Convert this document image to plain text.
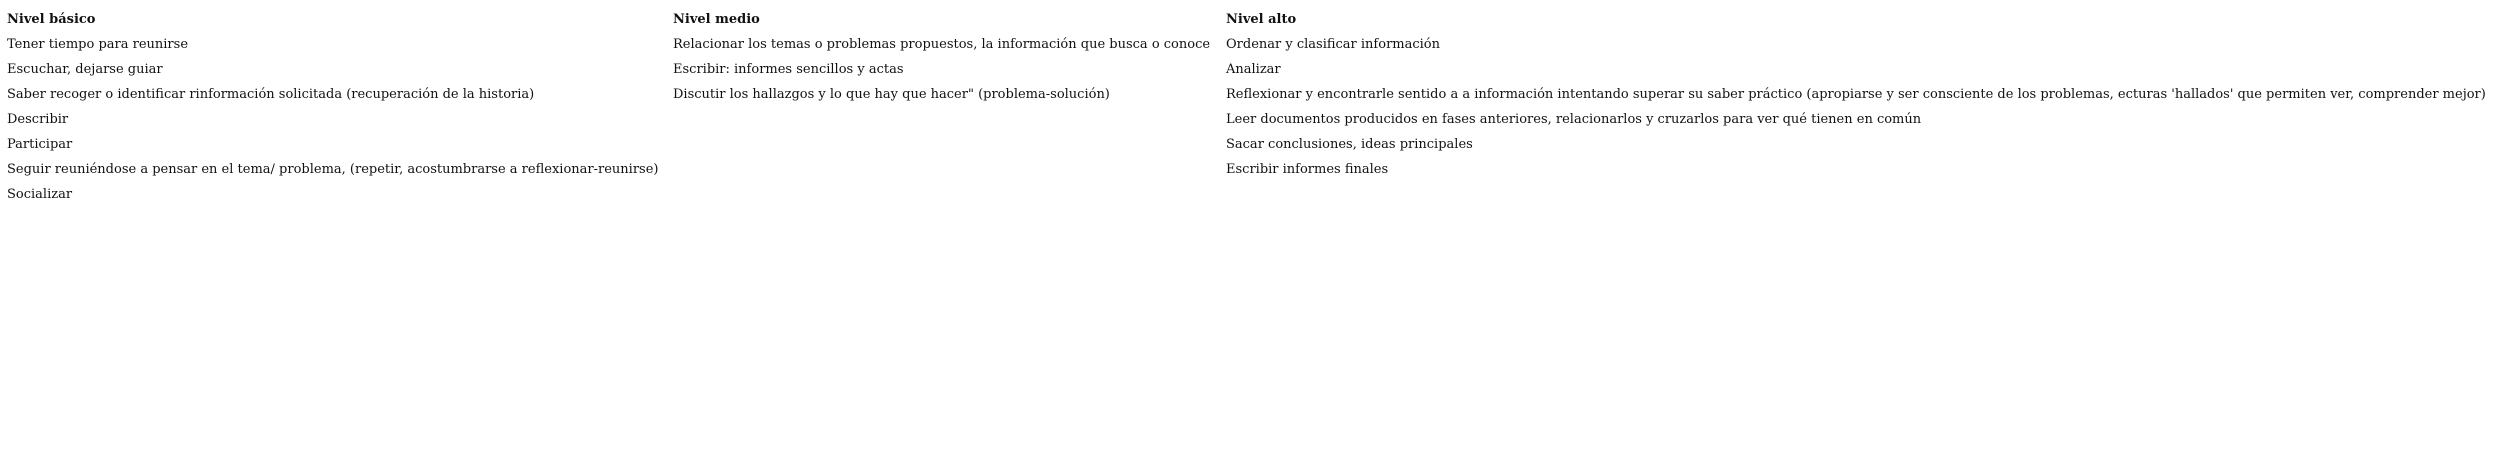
Nivel básico	Nivel medio	Nivel alto
Tener tiempo para reunirse	Relacionar los temas o problemas propuestos, la información que busca o conoce	Ordenar y clasificar información
Escuchar, dejarse guiar	Escribir: informes sencillos y actas	Analizar
Saber recoger o identificar rinformación solicitada (recuperación de la historia)	Discutir los hallazgos y lo que hay que hacer" (problema-solución)	Reflexionar y encontrarle sentido a a información intentando superar su saber práctico (apropiarse y ser consciente de los problemas, ecturas 'hallados' que permiten ver, comprender mejor)
Describir		Leer documentos producidos en fases anteriores, relacionarlos y cruzarlos para ver qué tienen en común
Participar		Sacar conclusiones, ideas principales
Seguir reuniéndose a pensar en el tema/ problema, (repetir, acostumbrarse a reflexionar-reunirse)		Escribir informes finales
Socializar		
